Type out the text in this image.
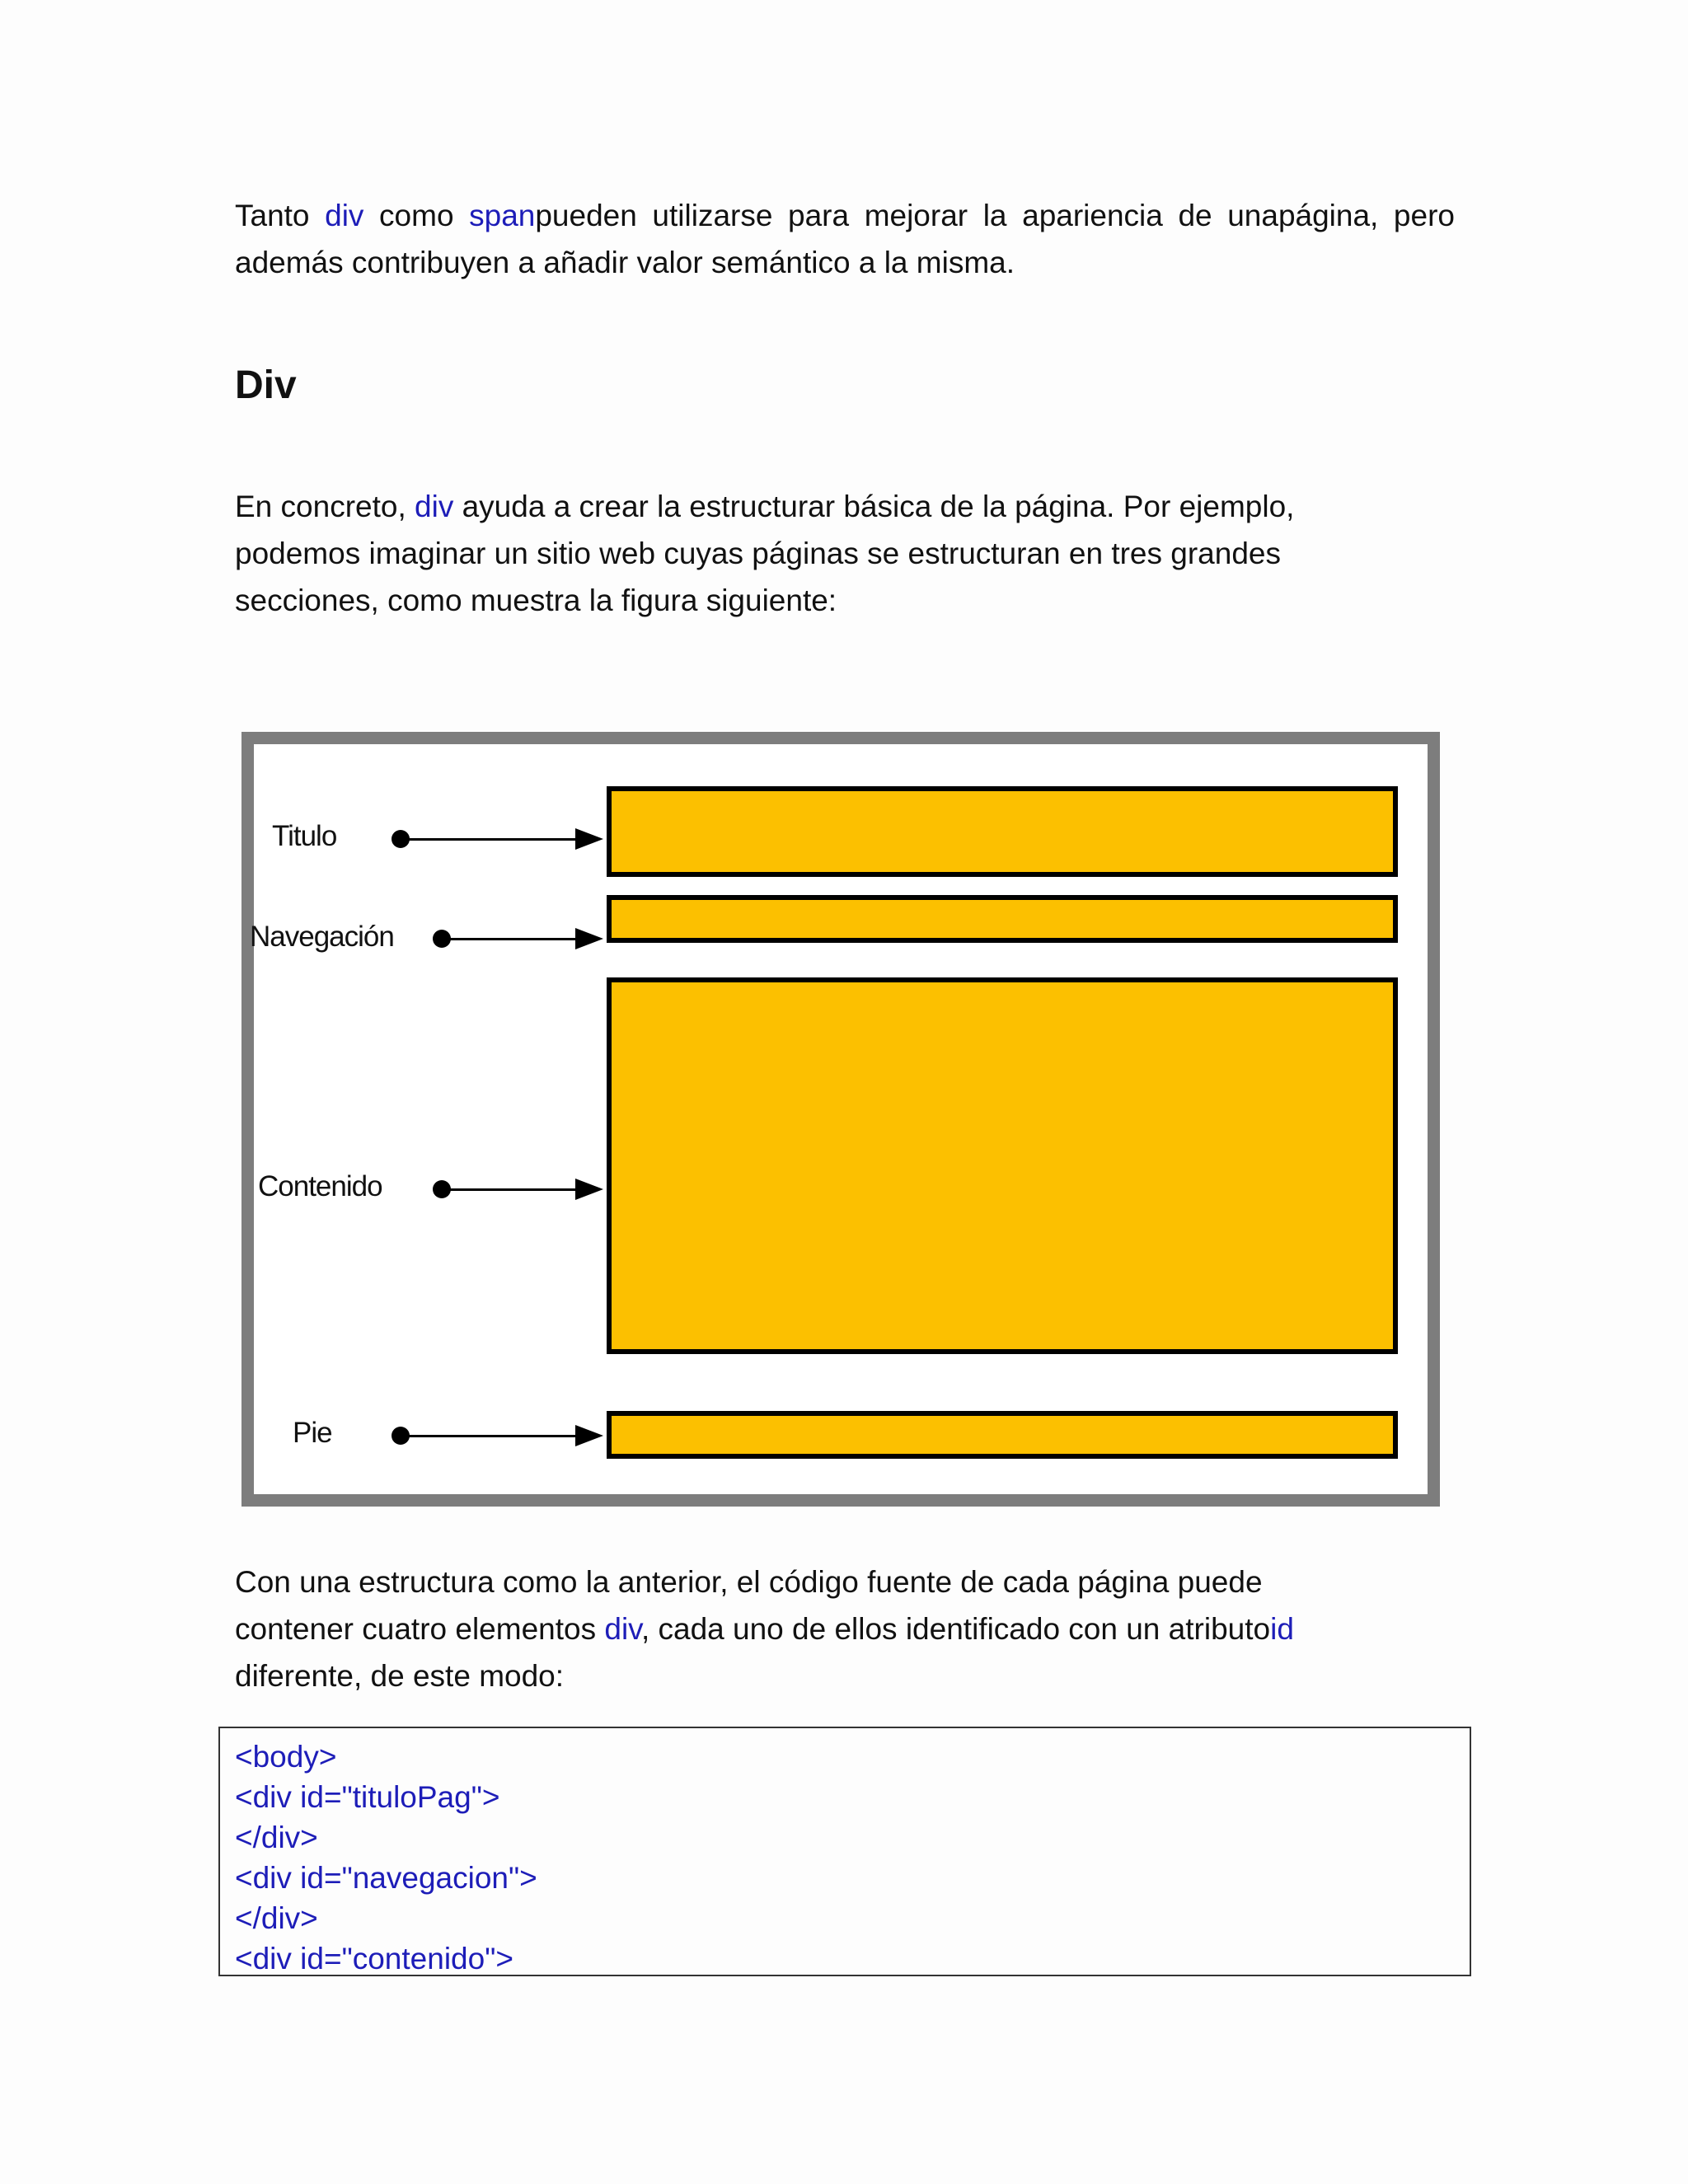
Tanto div como spanpueden utilizarse para mejorar la apariencia de unapágina, pero además contribuyen a añadir valor semántico a la misma.

Div

En concreto, div ayuda a crear la estructurar básica de la página. Por ejemplo, podemos imaginar un sitio web cuyas páginas se estructuran en tres grandes secciones, como muestra la figura siguiente:

Titulo
Navegación
Contenido
Pie

Con una estructura como la anterior, el código fuente de cada página puede contener cuatro elementos div, cada uno de ellos identificado con un atributoid diferente, de este modo:

<body>
<div id="tituloPag">
</div>
<div id="navegacion">
</div>
<div id="contenido">
